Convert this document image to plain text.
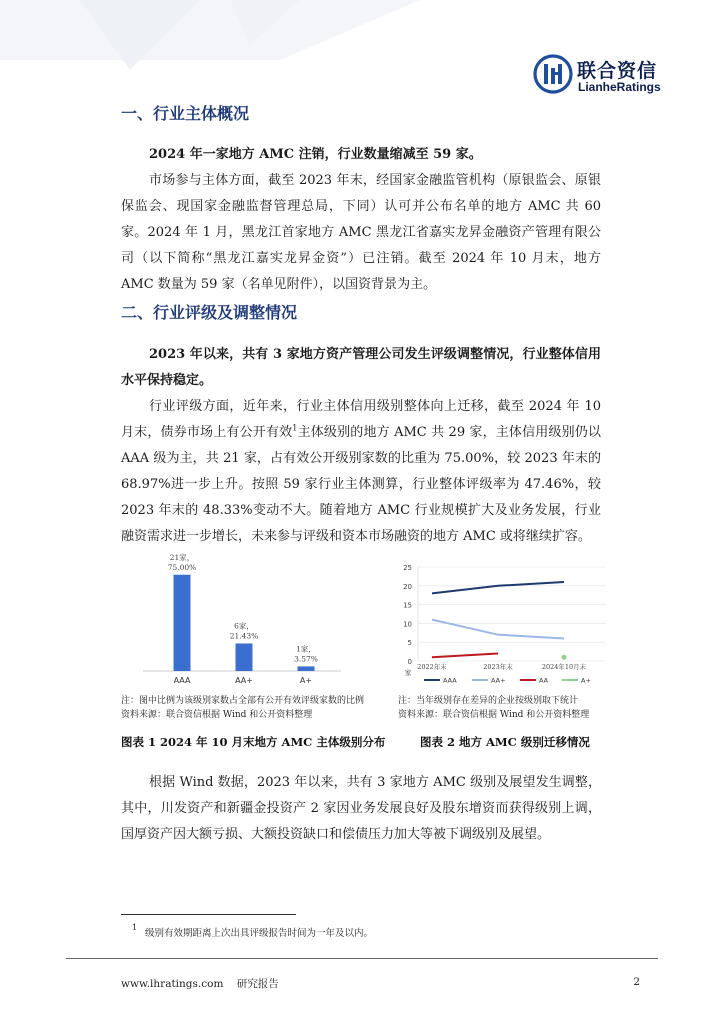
联合资信
LianheRatings
一、行业主体概况

2024 年一家地方 AMC 注销，行业数量缩减至 59 家。

市场参与主体方面，截至 2023 年末，经国家金融监管机构（原银监会、原银保监会、现国家金融监督管理总局，下同）认可并公布名单的地方 AMC 共 60 家。2024 年 1 月，黑龙江首家地方 AMC 黑龙江省嘉实龙昇金融资产管理有限公司（以下简称“黑龙江嘉实龙昇金资”）已注销。截至 2024 年 10 月末，地方 AMC 数量为 59 家（名单见附件），以国资背景为主。

二、行业评级及调整情况

2023 年以来，共有 3 家地方资产管理公司发生评级调整情况，行业整体信用水平保持稳定。

行业评级方面，近年来，行业主体信用级别整体向上迁移，截至 2024 年 10 月末，债券市场上有公开有效$^1$主体级别的地方 AMC 共 29 家，主体信用级别仍以 AAA 级为主，共 21 家，占有效公开级别家数的比重为 75.00%，较 2023 年末的 68.97%进一步上升。按照 59 家行业主体测算，行业整体评级率为 47.46%，较 2023 年末的 48.33%变动不大。随着地方 AMC 行业规模扩大及业务发展，行业融资需求进一步增长，未来参与评级和资本市场融资的地方 AMC 或将继续扩容。

21家，
75.00%
AAA
6家，
21.43%
AA+
1家，
3.57%
A+
0
5
10
15
20
25
家
2022年末	2023年末	2024年10月末
AAA	AA+	AA	A+

注：图中比例为该级别家数占全部有公开有效评级家数的比例

资料来源：联合资信根据 Wind 和公开资料整理

注：当年级别存在差异的企业按级别取下统计

资料来源：联合资信根据 Wind 和公开资料整理

图表 1 2024 年 10 月末地方 AMC 主体级别分布	图表 2 地方 AMC 级别迁移情况

根据 Wind 数据，2023 年以来，共有 3 家地方 AMC 级别及展望发生调整，其中，川发资产和新疆金投资产 2 家因业务发展良好及股东增资而获得级别上调，国厚资产因大额亏损、大额投资缺口和偿债压力加大等被下调级别及展望。

1

级别有效期距离上次出具评级报告时间为一年及以内。

www.lhratings.com 研究报告	2
